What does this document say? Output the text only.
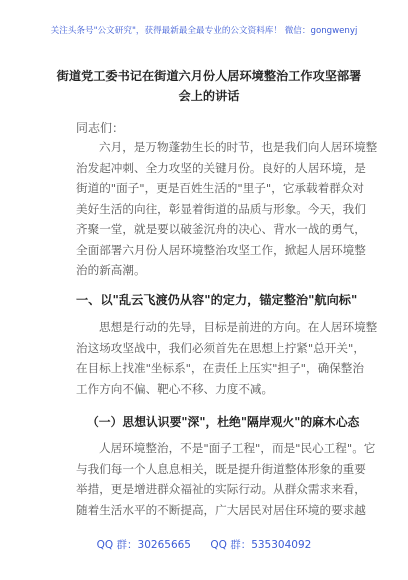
关注头条号"公文研究"，获得最新最全最专业的公文资料库！ 微信：gongwenyj
街道党工委书记在街道六月份人居环境整治工作攻坚部署
会上的讲话
同志们：
六月，是万物蓬勃生长的时节，也是我们向人居环境整
治发起冲刺、全力攻坚的关键月份。良好的人居环境，是
街道的"面子"，更是百姓生活的"里子"，它承载着群众对
美好生活的向往，彰显着街道的品质与形象。今天，我们
齐聚一堂，就是要以破釜沉舟的决心、背水一战的勇气，
全面部署六月份人居环境整治攻坚工作，掀起人居环境整
治的新高潮。
一、以"乱云飞渡仍从容"的定力，锚定整治"航向标"
思想是行动的先导，目标是前进的方向。在人居环境整
治这场攻坚战中，我们必须首先在思想上拧紧"总开关"，
在目标上找准"坐标系"，在责任上压实"担子"，确保整治
工作方向不偏、靶心不移、力度不减。
（一）思想认识要"深"，杜绝"隔岸观火"的麻木心态
人居环境整治，不是"面子工程"，而是"民心工程"。它
与我们每一个人息息相关，既是提升街道整体形象的重要
举措，更是增进群众福祉的实际行动。从群众需求来看，
随着生活水平的不断提高，广大居民对居住环境的要求越
QQ 群：30265665 QQ 群：535304092
